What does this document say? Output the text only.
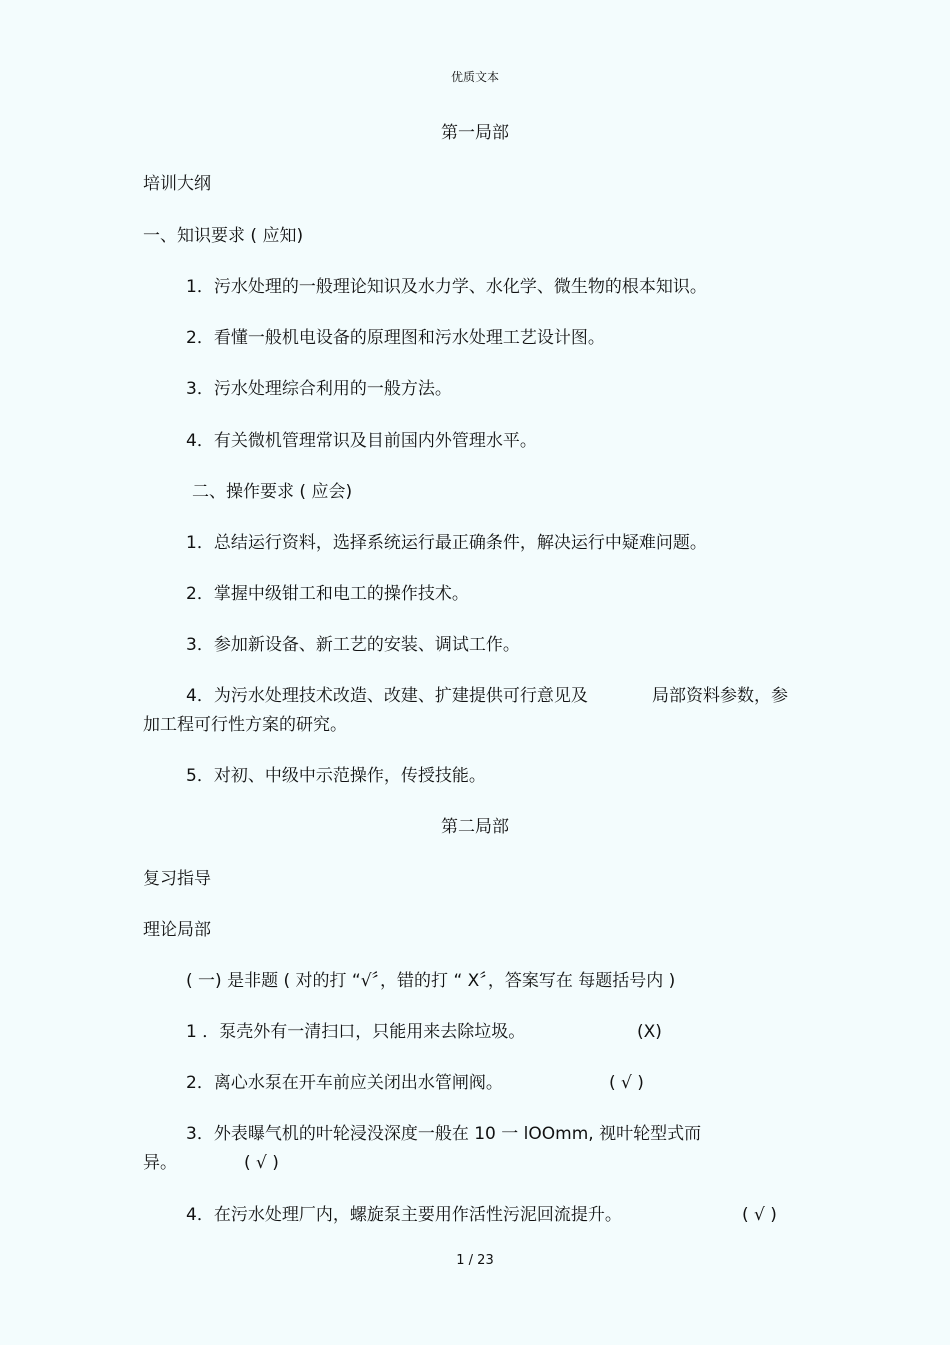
优质文本
第一局部
培训大纲
一、知识要求 ( 应知)
1．污水处理的一般理论知识及水力学、水化学、微生物的根本知识。
2．看懂一般机电设备的原理图和污水处理工艺设计图。
3．污水处理综合利用的一般方法。
4．有关微机管理常识及目前国内外管理水平。
二、操作要求 ( 应会)
1．总结运行资料，选择系统运行最正确条件，解决运行中疑难问题。
2．掌握中级钳工和电工的操作技术。
3．参加新设备、新工艺的安装、调试工作。
4．为污水处理技术改造、改建、扩建提供可行意见及	局部资料参数，参
加工程可行性方案的研究。
5．对初、中级中示范操作，传授技能。
第二局部
复习指导
理论局部
( 一) 是非题 ( 对的打 “√〞，错的打 “ X〞，答案写在 每题括号内 )
1 ．泵壳外有一清扫口，只能用来去除垃圾。	(X)
2．离心水泵在开车前应关闭出水管闸阀。	( √ )
3．外表曝气机的叶轮浸没深度一般在 10 一 lOOmm, 视叶轮型式而
异。	( √ )
4．在污水处理厂内，螺旋泵主要用作活性污泥回流提升。	( √ )
1 / 23
